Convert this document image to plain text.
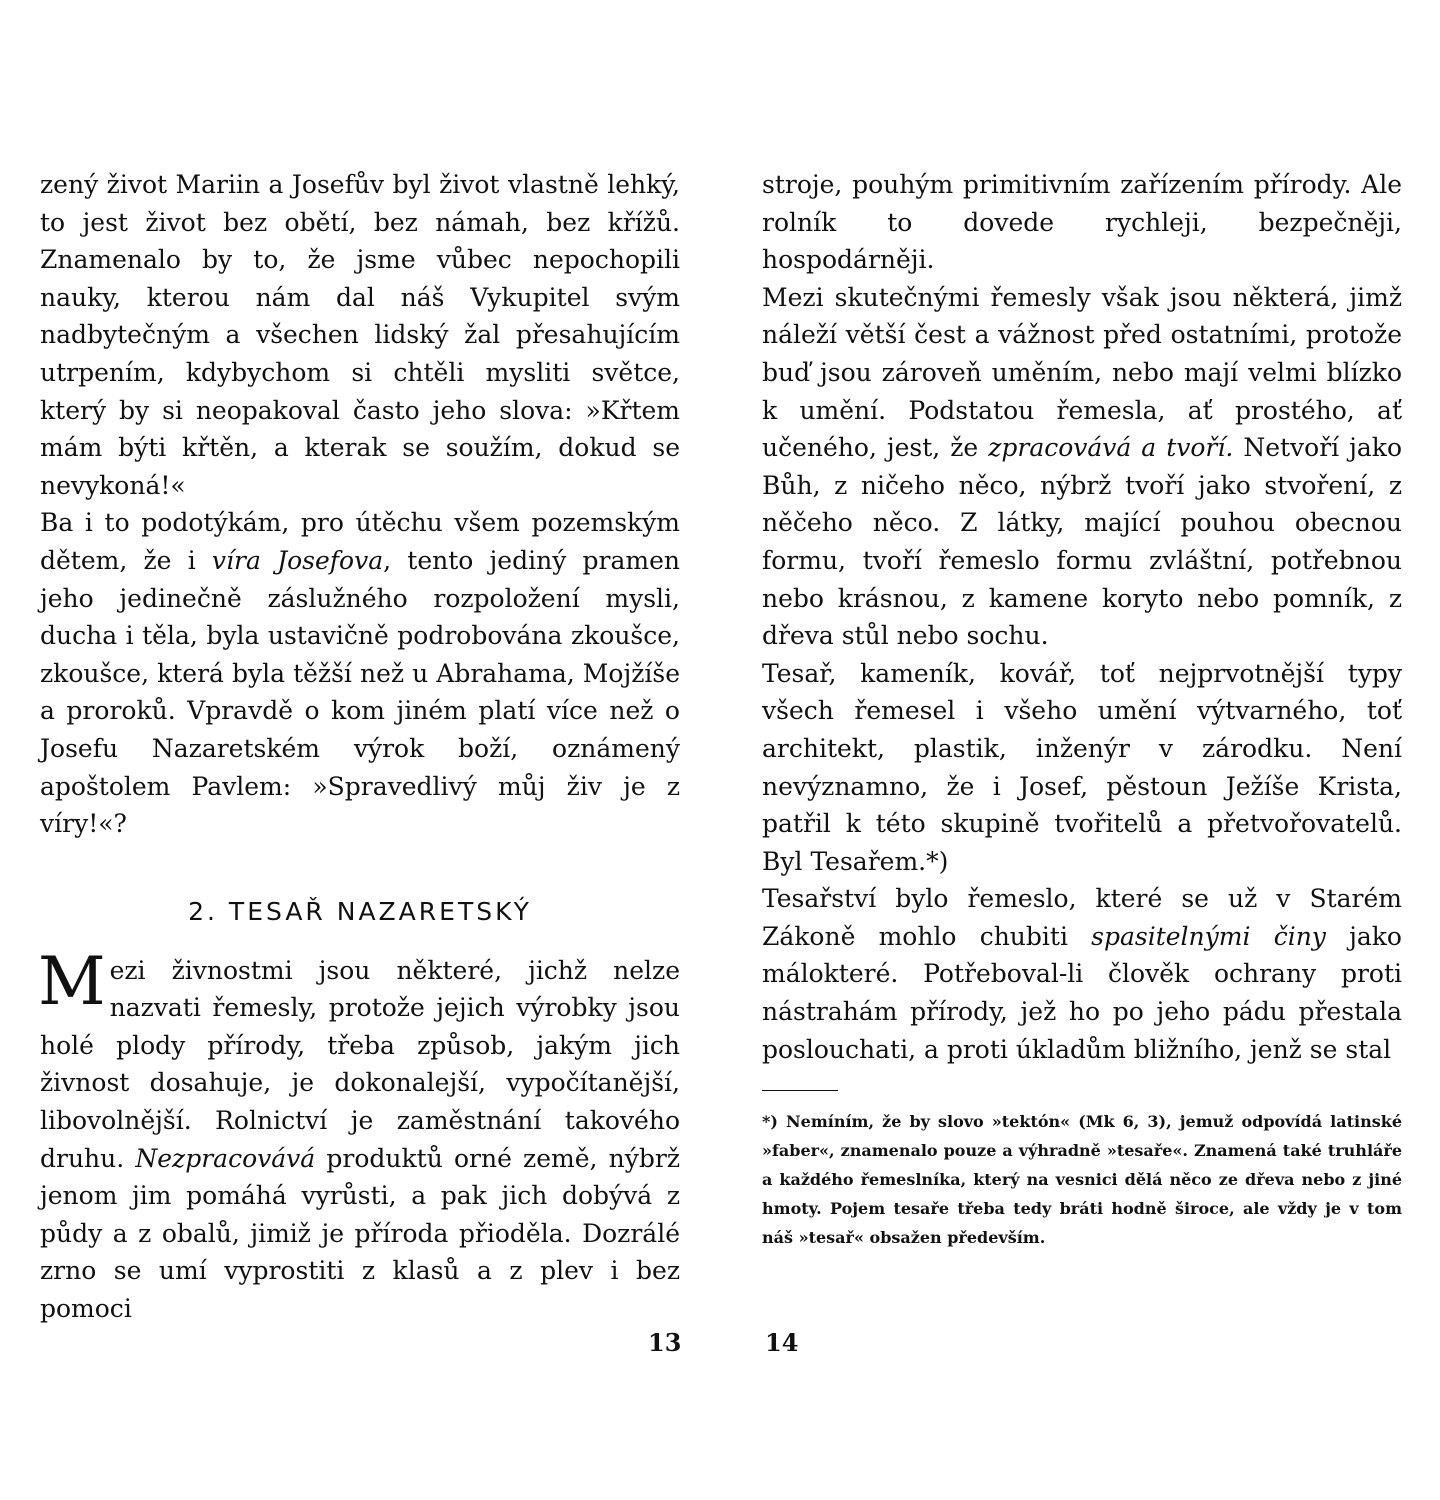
zený život Mariin a Josefův byl život vlastně lehký, to jest život bez obětí, bez námah, bez křížů. Znamenalo by to, že jsme vůbec nepochopili nauky, kterou nám dal náš Vykupitel svým nadbytečným a všechen lidský žal přesahujícím utrpením, kdybychom si chtěli mysliti světce, který by si neopakoval často jeho slova: »Křtem mám býti křtěn, a kterak se soužím, dokud se nevykoná!«

Ba i to podotýkám, pro útěchu všem pozemským dětem, že i víra Josefova, tento jediný pramen jeho jedinečně záslužného rozpoložení mysli, ducha i těla, byla ustavičně podrobována zkoušce, zkoušce, která byla těžší než u Abrahama, Mojžíše a proroků. Vpravdě o kom jiném platí více než o Josefu Nazaretském výrok boží, oznámený apoštolem Pavlem: »Spravedlivý můj živ je z víry!«?

2. TESAŘ NAZARETSKÝ

Mezi živnostmi jsou některé, jichž nelze nazvati řemesly, protože jejich výrobky jsou holé plody přírody, třeba způsob, jakým jich živnost dosahuje, je dokonalejší, vypočítanější, libovolnější. Rolnictví je zaměstnání takového druhu. Nezpracovává produktů orné země, nýbrž jenom jim pomáhá vyrůsti, a pak jich dobývá z půdy a z obalů, jimiž je příroda přioděla. Dozrálé zrno se umí vyprostiti z klasů a z plev i bez pomoci

stroje, pouhým primitivním zařízením přírody. Ale rolník to dovede rychleji, bezpečněji, hospodárněji.

Mezi skutečnými řemesly však jsou některá, jimž náleží větší čest a vážnost před ostatními, protože buď jsou zároveň uměním, nebo mají velmi blízko k umění. Podstatou řemesla, ať prostého, ať učeného, jest, že zpracovává a tvoří. Netvoří jako Bůh, z ničeho něco, nýbrž tvoří jako stvoření, z něčeho něco. Z látky, mající pouhou obecnou formu, tvoří řemeslo formu zvláštní, potřebnou nebo krásnou, z kamene koryto nebo pomník, z dřeva stůl nebo sochu.

Tesař, kameník, kovář, toť nejprvotnější typy všech řemesel i všeho umění výtvarného, toť architekt, plastik, inženýr v zárodku. Není nevýznamno, že i Josef, pěstoun Ježíše Krista, patřil k této skupině tvořitelů a přetvořovatelů. Byl Tesařem.*)

Tesařství bylo řemeslo, které se už v Starém Zákoně mohlo chubiti spasitelnými činy jako málokteré. Potřeboval-li člověk ochrany proti nástrahám přírody, jež ho po jeho pádu přestala poslouchati, a proti úkladům bližního, jenž se stal

*) Nemíním, že by slovo »tektón« (Mk 6, 3), jemuž odpovídá latinské »faber«, znamenalo pouze a výhradně »tesaře«. Znamená také truhláře a každého řemeslníka, který na vesnici dělá něco ze dřeva nebo z jiné hmoty. Pojem tesaře třeba tedy bráti hodně široce, ale vždy je v tom náš »tesař« obsažen především.

13	14
